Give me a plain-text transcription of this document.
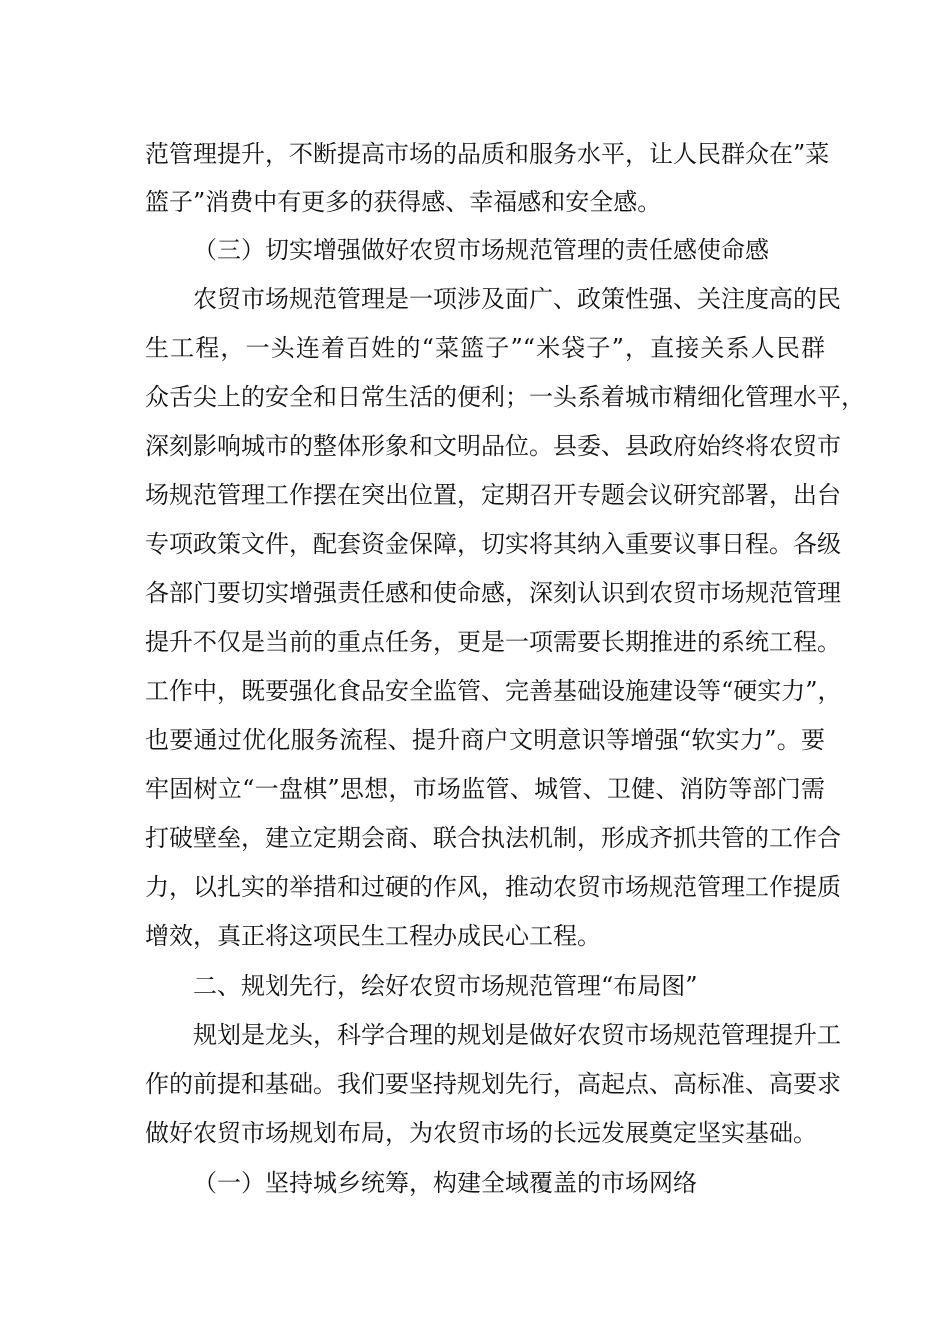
范管理提升，不断提高市场的品质和服务水平，让人民群众在”菜
篮子”消费中有更多的获得感、幸福感和安全感。
（三）切实增强做好农贸市场规范管理的责任感使命感
农贸市场规范管理是一项涉及面广、政策性强、关注度高的民
生工程，一头连着百姓的“菜篮子”“米袋子”，直接关系人民群
众舌尖上的安全和日常生活的便利；一头系着城市精细化管理水平，
深刻影响城市的整体形象和文明品位。县委、县政府始终将农贸市
场规范管理工作摆在突出位置，定期召开专题会议研究部署，出台
专项政策文件，配套资金保障，切实将其纳入重要议事日程。各级
各部门要切实增强责任感和使命感，深刻认识到农贸市场规范管理
提升不仅是当前的重点任务，更是一项需要长期推进的系统工程。
工作中，既要强化食品安全监管、完善基础设施建设等“硬实力”，
也要通过优化服务流程、提升商户文明意识等增强“软实力”。要
牢固树立“一盘棋”思想，市场监管、城管、卫健、消防等部门需
打破壁垒，建立定期会商、联合执法机制，形成齐抓共管的工作合
力，以扎实的举措和过硬的作风，推动农贸市场规范管理工作提质
增效，真正将这项民生工程办成民心工程。
二、规划先行，绘好农贸市场规范管理“布局图”
规划是龙头，科学合理的规划是做好农贸市场规范管理提升工
作的前提和基础。我们要坚持规划先行，高起点、高标准、高要求
做好农贸市场规划布局，为农贸市场的长远发展奠定坚实基础。
（一）坚持城乡统筹，构建全域覆盖的市场网络
